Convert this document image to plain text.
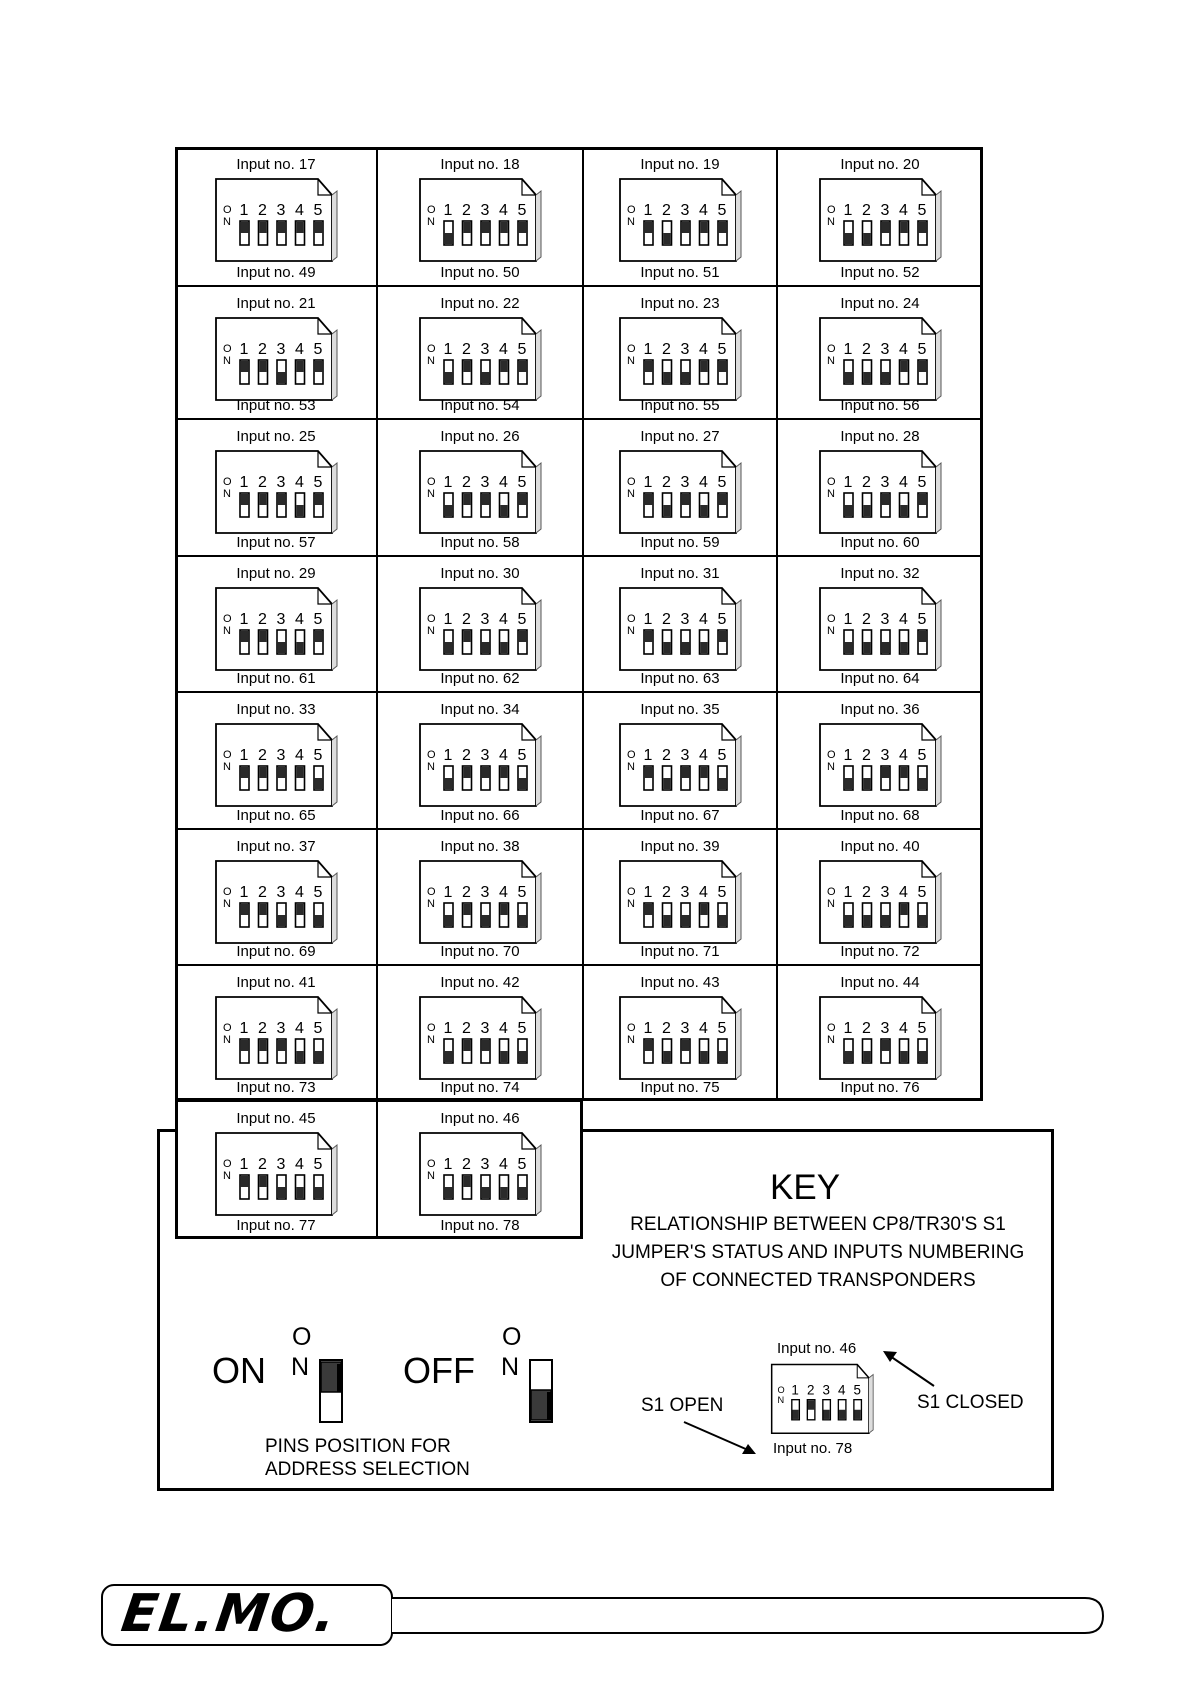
Input no. 17
O
N
1 2 3 4 5
Input no. 49
Input no. 18
O
N
1 2 3 4 5
Input no. 50
Input no. 19
O
N
1 2 3 4 5
Input no. 51
Input no. 20
O
N
1 2 3 4 5
Input no. 52
Input no. 21
O
N
1 2 3 4 5
Input no. 53
Input no. 22
O
N
1 2 3 4 5
Input no. 54
Input no. 23
O
N
1 2 3 4 5
Input no. 55
Input no. 24
O
N
1 2 3 4 5
Input no. 56
Input no. 25
O
N
1 2 3 4 5
Input no. 57
Input no. 26
O
N
1 2 3 4 5
Input no. 58
Input no. 27
O
N
1 2 3 4 5
Input no. 59
Input no. 28
O
N
1 2 3 4 5
Input no. 60
Input no. 29
O
N
1 2 3 4 5
Input no. 61
Input no. 30
O
N
1 2 3 4 5
Input no. 62
Input no. 31
O
N
1 2 3 4 5
Input no. 63
Input no. 32
O
N
1 2 3 4 5
Input no. 64
Input no. 33
O
N
1 2 3 4 5
Input no. 65
Input no. 34
O
N
1 2 3 4 5
Input no. 66
Input no. 35
O
N
1 2 3 4 5
Input no. 67
Input no. 36
O
N
1 2 3 4 5
Input no. 68
Input no. 37
O
N
1 2 3 4 5
Input no. 69
Input no. 38
O
N
1 2 3 4 5
Input no. 70
Input no. 39
O
N
1 2 3 4 5
Input no. 71
Input no. 40
O
N
1 2 3 4 5
Input no. 72
Input no. 41
O
N
1 2 3 4 5
Input no. 73
Input no. 42
O
N
1 2 3 4 5
Input no. 74
Input no. 43
O
N
1 2 3 4 5
Input no. 75
Input no. 44
O
N
1 2 3 4 5
Input no. 76
Input no. 45
O
N
1 2 3 4 5
Input no. 77
Input no. 46
O
N
1 2 3 4 5
Input no. 78
KEY
RELATIONSHIP BETWEEN CP8/TR30'S S1
JUMPER'S STATUS AND INPUTS NUMBERING
OF CONNECTED TRANSPONDERS
ON
O
N	OFF
O
N
PINS POSITION FOR
ADDRESS SELECTION
Input no. 46
O
N
1 2 3 4 5
Input no. 78
S1 OPEN	S1 CLOSED
EL.MO.
